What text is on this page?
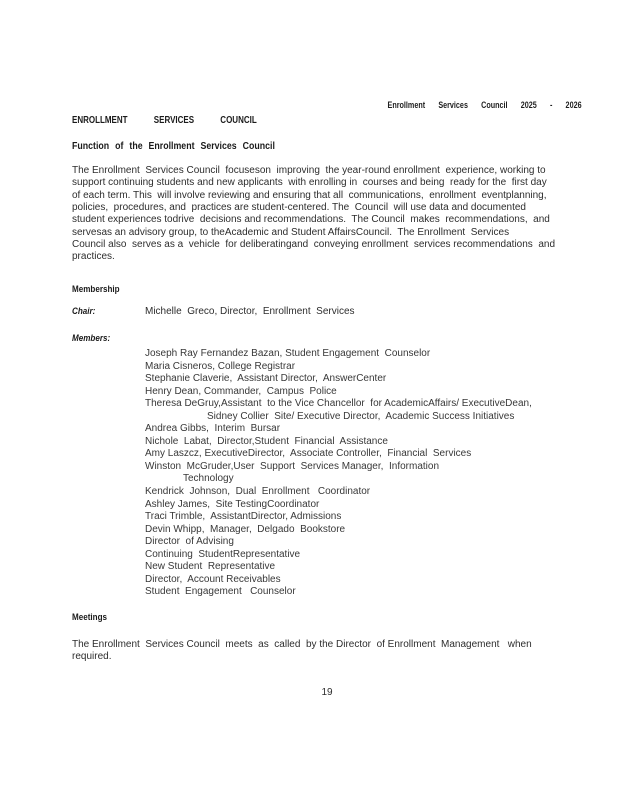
Enrollment Services Council 2025 - 2026
ENROLLMENT SERVICES COUNCIL
Function of the Enrollment Services Council
The Enrollment  Services Council  focuseson  improving  the year-round enrollment  experience, working to
support continuing students and new applicants  with enrolling in  courses and being  ready for the  first day
of each term. This  will involve reviewing and ensuring that all  communications,  enrollment  eventplanning,
policies,  procedures, and  practices are student-centered. The  Council  will use data and documented
student experiences todrive  decisions and recommendations.  The Council  makes  recommendations,  and
servesas an advisory group, to theAcademic and Student AffairsCouncil.  The Enrollment  Services
Council also  serves as a  vehicle  for deliberatingand  conveying enrollment  services recommendations  and
practices.
Membership
Chair:	Michelle  Greco, Director,  Enrollment  Services
Members:
Joseph Ray Fernandez Bazan, Student Engagement  Counselor
Maria Cisneros, College Registrar
Stephanie Claverie,  Assistant Director,  AnswerCenter
Henry Dean, Commander,  Campus  Police
Theresa DeGruy,Assistant  to the Vice Chancellor  for AcademicAffairs/ ExecutiveDean,
Sidney Collier  Site/ Executive Director,  Academic Success Initiatives
Andrea Gibbs,  Interim  Bursar
Nichole  Labat,  Director,Student  Financial  Assistance
Amy Laszcz, ExecutiveDirector,  Associate Controller,  Financial  Services
Winston  McGruder,User  Support  Services Manager,  Information
Technology
Kendrick  Johnson,  Dual  Enrollment   Coordinator
Ashley James,  Site TestingCoordinator
Traci Trimble,  AssistantDirector, Admissions
Devin Whipp,  Manager,  Delgado  Bookstore
Director  of Advising
Continuing  StudentRepresentative
New Student  Representative
Director,  Account Receivables
Student  Engagement   Counselor
Meetings
The Enrollment  Services Council  meets  as  called  by the Director  of Enrollment  Management   when
required.
19
